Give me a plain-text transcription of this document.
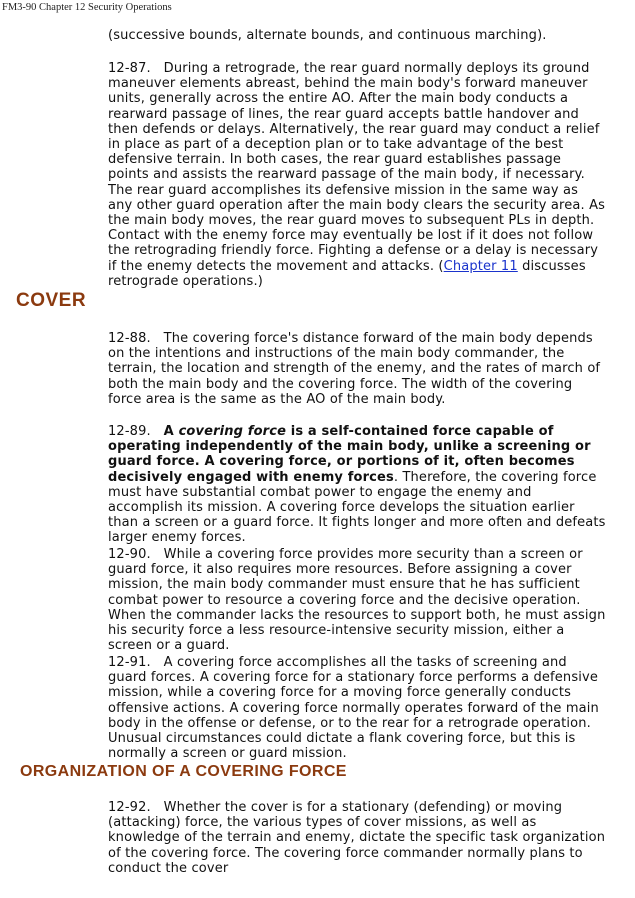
FM3-90 Chapter 12 Security Operations

(successive bounds, alternate bounds, and continuous marching).

12-87. During a retrograde, the rear guard normally deploys its ground maneuver elements abreast, behind the main body's forward maneuver units, generally across the entire AO. After the main body conducts a rearward passage of lines, the rear guard accepts battle handover and then defends or delays. Alternatively, the rear guard may conduct a relief in place as part of a deception plan or to take advantage of the best defensive terrain. In both cases, the rear guard establishes passage points and assists the rearward passage of the main body, if necessary. The rear guard accomplishes its defensive mission in the same way as any other guard operation after the main body clears the security area. As the main body moves, the rear guard moves to subsequent PLs in depth. Contact with the enemy force may eventually be lost if it does not follow the retrograding friendly force. Fighting a defense or a delay is necessary if the enemy detects the movement and attacks. (Chapter 11 discusses retrograde operations.)

COVER

12-88. The covering force's distance forward of the main body depends on the intentions and instructions of the main body commander, the terrain, the location and strength of the enemy, and the rates of march of both the main body and the covering force. The width of the covering force area is the same as the AO of the main body.

12-89. A covering force is a self-contained force capable of operating independently of the main body, unlike a screening or guard force. A covering force, or portions of it, often becomes decisively engaged with enemy forces. Therefore, the covering force must have substantial combat power to engage the enemy and accomplish its mission. A covering force develops the situation earlier than a screen or a guard force. It fights longer and more often and defeats larger enemy forces.

12-90. While a covering force provides more security than a screen or guard force, it also requires more resources. Before assigning a cover mission, the main body commander must ensure that he has sufficient combat power to resource a covering force and the decisive operation. When the commander lacks the resources to support both, he must assign his security force a less resource-intensive security mission, either a screen or a guard.

12-91. A covering force accomplishes all the tasks of screening and guard forces. A covering force for a stationary force performs a defensive mission, while a covering force for a moving force generally conducts offensive actions. A covering force normally operates forward of the main body in the offense or defense, or to the rear for a retrograde operation. Unusual circumstances could dictate a flank covering force, but this is normally a screen or guard mission.

ORGANIZATION OF A COVERING FORCE

12-92. Whether the cover is for a stationary (defending) or moving (attacking) force, the various types of cover missions, as well as knowledge of the terrain and enemy, dictate the specific task organization of the covering force. The covering force commander normally plans to conduct the cover
